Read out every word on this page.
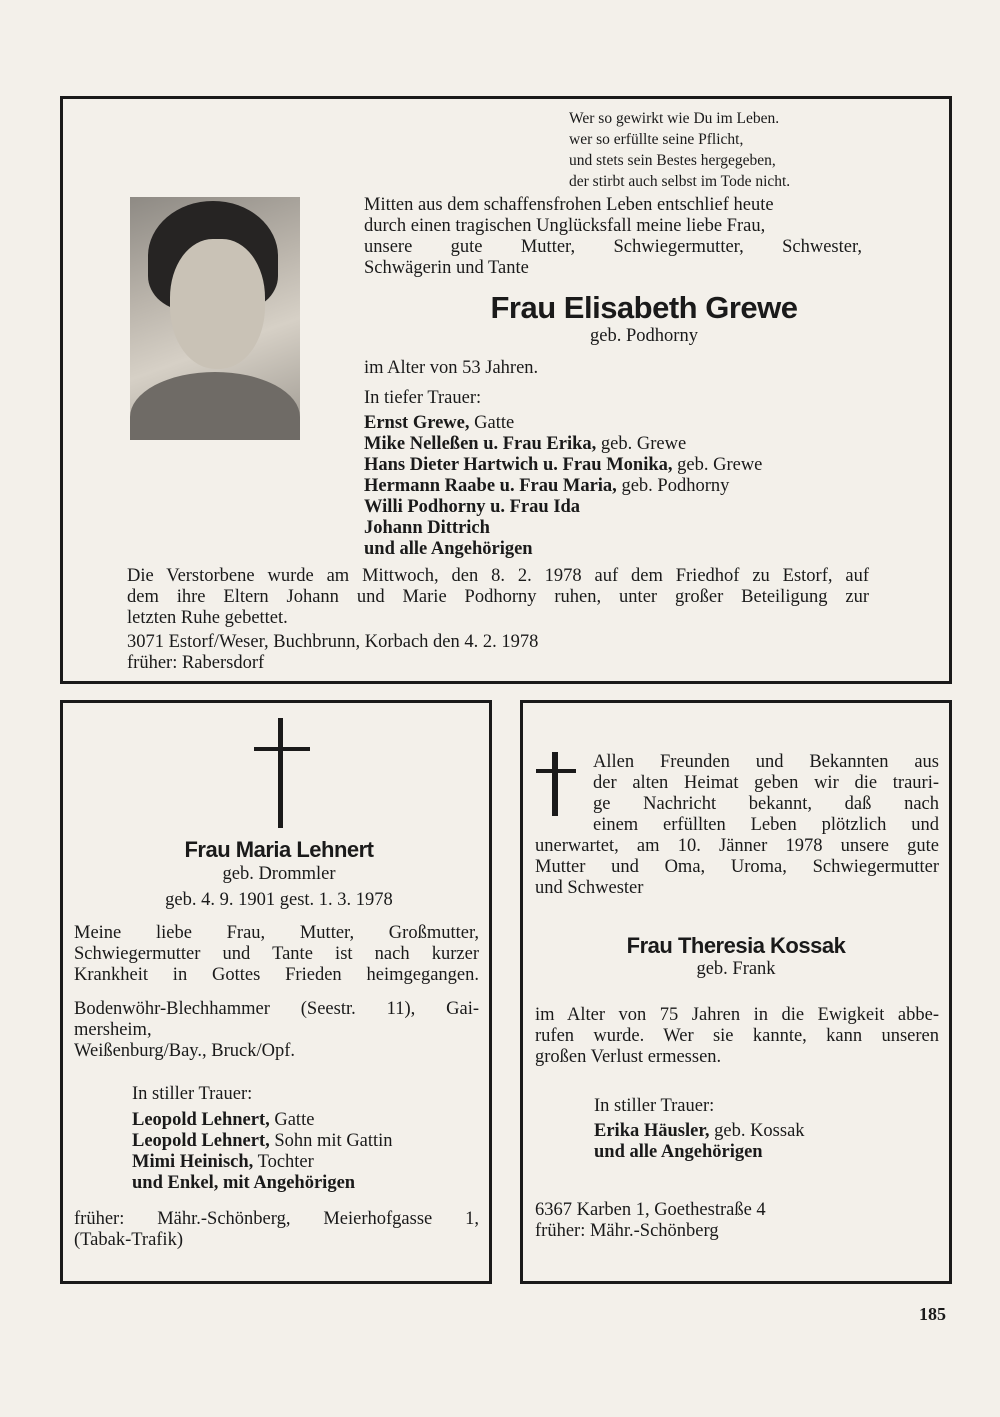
Wer so gewirkt wie Du im Leben.
wer so erfüllte seine Pflicht,
und stets sein Bestes hergegeben,
der stirbt auch selbst im Tode nicht.
Mitten aus dem schaffensfrohen Leben entschlief heute
durch einen tragischen Unglücksfall meine liebe Frau,
unsere gute Mutter, Schwiegermutter, Schwester,
Schwägerin und Tante
Frau Elisabeth Grewe
geb. Podhorny
im Alter von 53 Jahren.
In tiefer Trauer:
Ernst Grewe, Gatte
Mike Nelleßen u. Frau Erika, geb. Grewe
Hans Dieter Hartwich u. Frau Monika, geb. Grewe
Hermann Raabe u. Frau Maria, geb. Podhorny
Willi Podhorny u. Frau Ida
Johann Dittrich
und alle Angehörigen
Die Verstorbene wurde am Mittwoch, den 8. 2. 1978 auf dem Friedhof zu Estorf, auf
dem ihre Eltern Johann und Marie Podhorny ruhen, unter großer Beteiligung zur
letzten Ruhe gebettet.
3071 Estorf/Weser, Buchbrunn, Korbach den 4. 2. 1978
früher: Rabersdorf
Frau Maria Lehnert
geb. Drommler
geb. 4. 9. 1901 gest. 1. 3. 1978
Meine liebe Frau, Mutter, Großmutter,
Schwiegermutter und Tante ist nach kurzer
Krankheit in Gottes Frieden heimgegangen.
Bodenwöhr-Blechhammer (Seestr. 11), Gai-
mersheim,
Weißenburg/Bay., Bruck/Opf.
In stiller Trauer:
Leopold Lehnert, Gatte
Leopold Lehnert, Sohn mit Gattin
Mimi Heinisch, Tochter
und Enkel, mit Angehörigen
früher: Mähr.-Schönberg, Meierhofgasse 1,
(Tabak-Trafik)
Allen Freunden und Bekannten aus
der alten Heimat geben wir die trauri-
ge Nachricht bekannt, daß nach
einem erfüllten Leben plötzlich und
unerwartet, am 10. Jänner 1978 unsere gute
Mutter und Oma, Uroma, Schwiegermutter
und Schwester
Frau Theresia Kossak
geb. Frank
im Alter von 75 Jahren in die Ewigkeit abbe-
rufen wurde. Wer sie kannte, kann unseren
großen Verlust ermessen.
In stiller Trauer:
Erika Häusler, geb. Kossak
und alle Angehörigen
6367 Karben 1, Goethestraße 4
früher: Mähr.-Schönberg
185
